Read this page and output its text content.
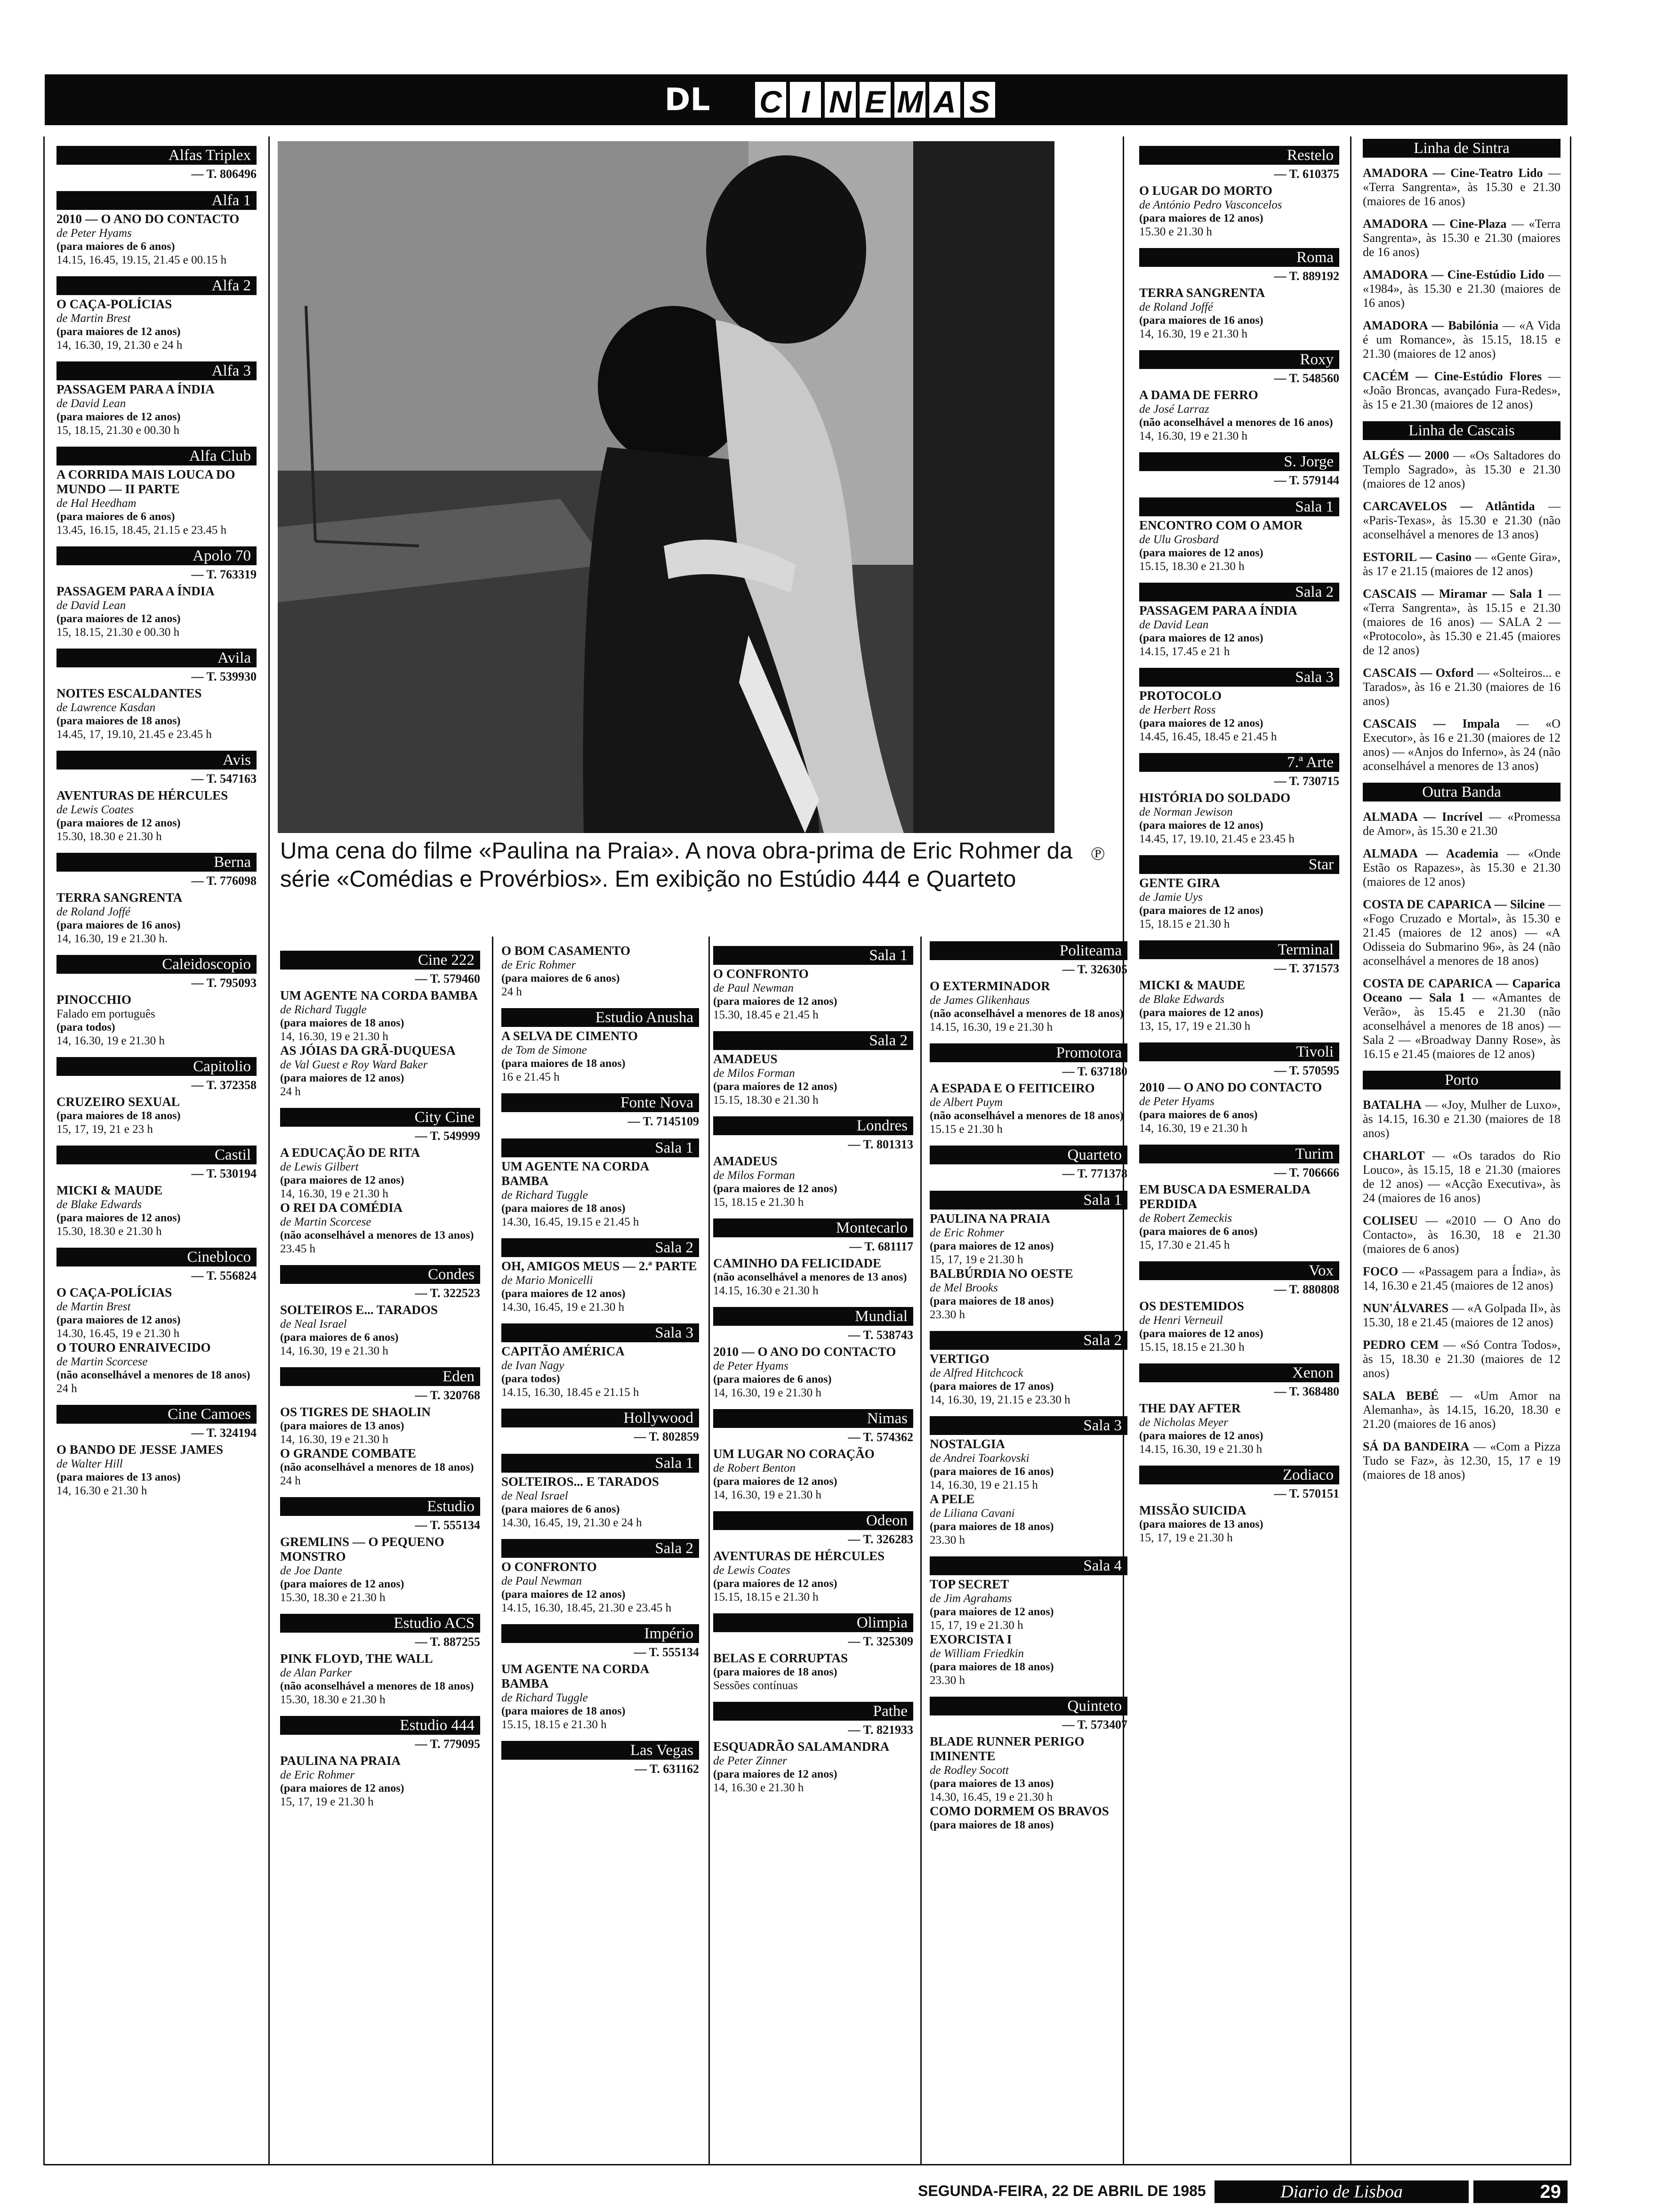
DL	C I N E M A S
Uma cena do filme «Paulina na Praia». A nova obra-prima de Eric Rohmer da série «Comédias e Provérbios». Em exibição no Estúdio 444 e Quarteto
℗
Alfas Triplex
— T. 806496
Alfa 1
2010 — O ANO DO CONTACTO
de Peter Hyams
(para maiores de 6 anos)
14.15, 16.45, 19.15, 21.45 e 00.15 h
Alfa 2
O CAÇA-POLÍCIAS
de Martin Brest
(para maiores de 12 anos)
14, 16.30, 19, 21.30 e 24 h
Alfa 3
PASSAGEM PARA A ÍNDIA
de David Lean
(para maiores de 12 anos)
15, 18.15, 21.30 e 00.30 h
Alfa Club
A CORRIDA MAIS LOUCA DO MUNDO — II PARTE
de Hal Heedham
(para maiores de 6 anos)
13.45, 16.15, 18.45, 21.15 e 23.45 h
Apolo 70
— T. 763319
PASSAGEM PARA A ÍNDIA
de David Lean
(para maiores de 12 anos)
15, 18.15, 21.30 e 00.30 h
Avila
— T. 539930
NOITES ESCALDANTES
de Lawrence Kasdan
(para maiores de 18 anos)
14.45, 17, 19.10, 21.45 e 23.45 h
Avis
— T. 547163
AVENTURAS DE HÉRCULES
de Lewis Coates
(para maiores de 12 anos)
15.30, 18.30 e 21.30 h
Berna
— T. 776098
TERRA SANGRENTA
de Roland Joffé
(para maiores de 16 anos)
14, 16.30, 19 e 21.30 h.
Caleidoscopio
— T. 795093
PINOCCHIO
Falado em português
(para todos)
14, 16.30, 19 e 21.30 h
Capitolio
— T. 372358
CRUZEIRO SEXUAL
(para maiores de 18 anos)
15, 17, 19, 21 e 23 h
Castil
— T. 530194
MICKI & MAUDE
de Blake Edwards
(para maiores de 12 anos)
15.30, 18.30 e 21.30 h
Cinebloco
— T. 556824
O CAÇA-POLÍCIAS
de Martin Brest
(para maiores de 12 anos)
14.30, 16.45, 19 e 21.30 h
O TOURO ENRAIVECIDO
de Martin Scorcese
(não aconselhável a menores de 18 anos)
24 h
Cine Camoes
— T. 324194
O BANDO DE JESSE JAMES
de Walter Hill
(para maiores de 13 anos)
14, 16.30 e 21.30 h
Cine 222
— T. 579460
UM AGENTE NA CORDA BAMBA
de Richard Tuggle
(para maiores de 18 anos)
14, 16.30, 19 e 21.30 h
AS JÓIAS DA GRÃ-DUQUESA
de Val Guest e Roy Ward Baker
(para maiores de 12 anos)
24 h
City Cine
— T. 549999
A EDUCAÇÃO DE RITA
de Lewis Gilbert
(para maiores de 12 anos)
14, 16.30, 19 e 21.30 h
O REI DA COMÉDIA
de Martin Scorcese
(não aconselhável a menores de 13 anos)
23.45 h
Condes
— T. 322523
SOLTEIROS E... TARADOS
de Neal Israel
(para maiores de 6 anos)
14, 16.30, 19 e 21.30 h
Eden
— T. 320768
OS TIGRES DE SHAOLIN
(para maiores de 13 anos)
14, 16.30, 19 e 21.30 h
O GRANDE COMBATE
(não aconselhável a menores de 18 anos)
24 h
Estudio
— T. 555134
GREMLINS — O PEQUENO MONSTRO
de Joe Dante
(para maiores de 12 anos)
15.30, 18.30 e 21.30 h
Estudio ACS
— T. 887255
PINK FLOYD, THE WALL
de Alan Parker
(não aconselhável a menores de 18 anos)
15.30, 18.30 e 21.30 h
Estudio 444
— T. 779095
PAULINA NA PRAIA
de Eric Rohmer
(para maiores de 12 anos)
15, 17, 19 e 21.30 h
O BOM CASAMENTO
de Eric Rohmer
(para maiores de 6 anos)
24 h
Estudio Anusha
A SELVA DE CIMENTO
de Tom de Simone
(para maiores de 18 anos)
16 e 21.45 h
Fonte Nova
— T. 7145109
Sala 1
UM AGENTE NA CORDA BAMBA
de Richard Tuggle
(para maiores de 18 anos)
14.30, 16.45, 19.15 e 21.45 h
Sala 2
OH, AMIGOS MEUS — 2.ª PARTE
de Mario Monicelli
(para maiores de 12 anos)
14.30, 16.45, 19 e 21.30 h
Sala 3
CAPITÃO AMÉRICA
de Ivan Nagy
(para todos)
14.15, 16.30, 18.45 e 21.15 h
Hollywood
— T. 802859
Sala 1
SOLTEIROS... E TARADOS
de Neal Israel
(para maiores de 6 anos)
14.30, 16.45, 19, 21.30 e 24 h
Sala 2
O CONFRONTO
de Paul Newman
(para maiores de 12 anos)
14.15, 16.30, 18.45, 21.30 e 23.45 h
Império
— T. 555134
UM AGENTE NA CORDA BAMBA
de Richard Tuggle
(para maiores de 18 anos)
15.15, 18.15 e 21.30 h
Las Vegas
— T. 631162
Sala 1
O CONFRONTO
de Paul Newman
(para maiores de 12 anos)
15.30, 18.45 e 21.45 h
Sala 2
AMADEUS
de Milos Forman
(para maiores de 12 anos)
15.15, 18.30 e 21.30 h
Londres
— T. 801313
AMADEUS
de Milos Forman
(para maiores de 12 anos)
15, 18.15 e 21.30 h
Montecarlo
— T. 681117
CAMINHO DA FELICIDADE
(não aconselhável a menores de 13 anos)
14.15, 16.30 e 21.30 h
Mundial
— T. 538743
2010 — O ANO DO CONTACTO
de Peter Hyams
(para maiores de 6 anos)
14, 16.30, 19 e 21.30 h
Nimas
— T. 574362
UM LUGAR NO CORAÇÃO
de Robert Benton
(para maiores de 12 anos)
14, 16.30, 19 e 21.30 h
Odeon
— T. 326283
AVENTURAS DE HÉRCULES
de Lewis Coates
(para maiores de 12 anos)
15.15, 18.15 e 21.30 h
Olimpia
— T. 325309
BELAS E CORRUPTAS
(para maiores de 18 anos)
Sessões contínuas
Pathe
— T. 821933
ESQUADRÃO SALAMANDRA
de Peter Zinner
(para maiores de 12 anos)
14, 16.30 e 21.30 h
Politeama
— T. 326305
O EXTERMINADOR
de James Glikenhaus
(não aconselhável a menores de 18 anos)
14.15, 16.30, 19 e 21.30 h
Promotora
— T. 637180
A ESPADA E O FEITICEIRO
de Albert Puym
(não aconselhável a menores de 18 anos)
15.15 e 21.30 h
Quarteto
— T. 771378
Sala 1
PAULINA NA PRAIA
de Eric Rohmer
(para maiores de 12 anos)
15, 17, 19 e 21.30 h
BALBÚRDIA NO OESTE
de Mel Brooks
(para maiores de 18 anos)
23.30 h
Sala 2
VERTIGO
de Alfred Hitchcock
(para maiores de 17 anos)
14, 16.30, 19, 21.15 e 23.30 h
Sala 3
NOSTALGIA
de Andrei Toarkovski
(para maiores de 16 anos)
14, 16.30, 19 e 21.15 h
A PELE
de Liliana Cavani
(para maiores de 18 anos)
23.30 h
Sala 4
TOP SECRET
de Jim Agrahams
(para maiores de 12 anos)
15, 17, 19 e 21.30 h
EXORCISTA I
de William Friedkin
(para maiores de 18 anos)
23.30 h
Quinteto
— T. 573407
BLADE RUNNER PERIGO IMINENTE
de Rodley Socott
(para maiores de 13 anos)
14.30, 16.45, 19 e 21.30 h
COMO DORMEM OS BRAVOS
(para maiores de 18 anos)
Restelo
— T. 610375
O LUGAR DO MORTO
de António Pedro Vasconcelos
(para maiores de 12 anos)
15.30 e 21.30 h
Roma
— T. 889192
TERRA SANGRENTA
de Roland Joffé
(para maiores de 16 anos)
14, 16.30, 19 e 21.30 h
Roxy
— T. 548560
A DAMA DE FERRO
de José Larraz
(não aconselhável a menores de 16 anos)
14, 16.30, 19 e 21.30 h
S. Jorge
— T. 579144
Sala 1
ENCONTRO COM O AMOR
de Ulu Grosbard
(para maiores de 12 anos)
15.15, 18.30 e 21.30 h
Sala 2
PASSAGEM PARA A ÍNDIA
de David Lean
(para maiores de 12 anos)
14.15, 17.45 e 21 h
Sala 3
PROTOCOLO
de Herbert Ross
(para maiores de 12 anos)
14.45, 16.45, 18.45 e 21.45 h
7.ª Arte
— T. 730715
HISTÓRIA DO SOLDADO
de Norman Jewison
(para maiores de 12 anos)
14.45, 17, 19.10, 21.45 e 23.45 h
Star
GENTE GIRA
de Jamie Uys
(para maiores de 12 anos)
15, 18.15 e 21.30 h
Terminal
— T. 371573
MICKI & MAUDE
de Blake Edwards
(para maiores de 12 anos)
13, 15, 17, 19 e 21.30 h
Tivoli
— T. 570595
2010 — O ANO DO CONTACTO
de Peter Hyams
(para maiores de 6 anos)
14, 16.30, 19 e 21.30 h
Turim
— T. 706666
EM BUSCA DA ESMERALDA PERDIDA
de Robert Zemeckis
(para maiores de 6 anos)
15, 17.30 e 21.45 h
Vox
— T. 880808
OS DESTEMIDOS
de Henri Verneuil
(para maiores de 12 anos)
15.15, 18.15 e 21.30 h
Xenon
— T. 368480
THE DAY AFTER
de Nicholas Meyer
(para maiores de 12 anos)
14.15, 16.30, 19 e 21.30 h
Zodiaco
— T. 570151
MISSÃO SUICIDA
(para maiores de 13 anos)
15, 17, 19 e 21.30 h
Linha de Sintra
AMADORA — Cine-Teatro Lido — «Terra Sangrenta», às 15.30 e 21.30 (maiores de 16 anos)
AMADORA — Cine-Plaza — «Terra Sangrenta», às 15.30 e 21.30 (maiores de 16 anos)
AMADORA — Cine-Estúdio Lido — «1984», às 15.30 e 21.30 (maiores de 16 anos)
AMADORA — Babilónia — «A Vida é um Romance», às 15.15, 18.15 e 21.30 (maiores de 12 anos)
CACÉM — Cine-Estúdio Flores — «João Broncas, avançado Fura-Redes», às 15 e 21.30 (maiores de 12 anos)
Linha de Cascais
ALGÉS — 2000 — «Os Saltadores do Templo Sagrado», às 15.30 e 21.30 (maiores de 12 anos)
CARCAVELOS — Atlântida — «Paris-Texas», às 15.30 e 21.30 (não aconselhável a menores de 13 anos)
ESTORIL — Casino — «Gente Gira», às 17 e 21.15 (maiores de 12 anos)
CASCAIS — Miramar — Sala 1 — «Terra Sangrenta», às 15.15 e 21.30 (maiores de 16 anos) — SALA 2 — «Protocolo», às 15.30 e 21.45 (maiores de 12 anos)
CASCAIS — Oxford — «Solteiros... e Tarados», às 16 e 21.30 (maiores de 16 anos)
CASCAIS — Impala — «O Executor», às 16 e 21.30 (maiores de 12 anos) — «Anjos do Inferno», às 24 (não aconselhável a menores de 13 anos)
Outra Banda
ALMADA — Incrível — «Promessa de Amor», às 15.30 e 21.30
ALMADA — Academia — «Onde Estão os Rapazes», às 15.30 e 21.30 (maiores de 12 anos)
COSTA DE CAPARICA — Silcine — «Fogo Cruzado e Mortal», às 15.30 e 21.45 (maiores de 12 anos) — «A Odisseia do Submarino 96», às 24 (não aconselhável a menores de 18 anos)
COSTA DE CAPARICA — Caparica Oceano — Sala 1 — «Amantes de Verão», às 15.45 e 21.30 (não aconselhável a menores de 18 anos) — Sala 2 — «Broadway Danny Rose», às 16.15 e 21.45 (maiores de 12 anos)
Porto
BATALHA — «Joy, Mulher de Luxo», às 14.15, 16.30 e 21.30 (maiores de 18 anos)
CHARLOT — «Os tarados do Rio Louco», às 15.15, 18 e 21.30 (maiores de 12 anos) — «Acção Executiva», às 24 (maiores de 16 anos)
COLISEU — «2010 — O Ano do Contacto», às 16.30, 18 e 21.30 (maiores de 6 anos)
FOCO — «Passagem para a Índia», às 14, 16.30 e 21.45 (maiores de 12 anos)
NUN'ÁLVARES — «A Golpada II», às 15.30, 18 e 21.45 (maiores de 12 anos)
PEDRO CEM — «Só Contra Todos», às 15, 18.30 e 21.30 (maiores de 12 anos)
SALA BEBÉ — «Um Amor na Alemanha», às 14.15, 16.20, 18.30 e 21.20 (maiores de 16 anos)
SÁ DA BANDEIRA — «Com a Pizza Tudo se Faz», às 12.30, 15, 17 e 19 (maiores de 18 anos)
SEGUNDA-FEIRA, 22 DE ABRIL DE 1985	Diario de Lisboa	29
